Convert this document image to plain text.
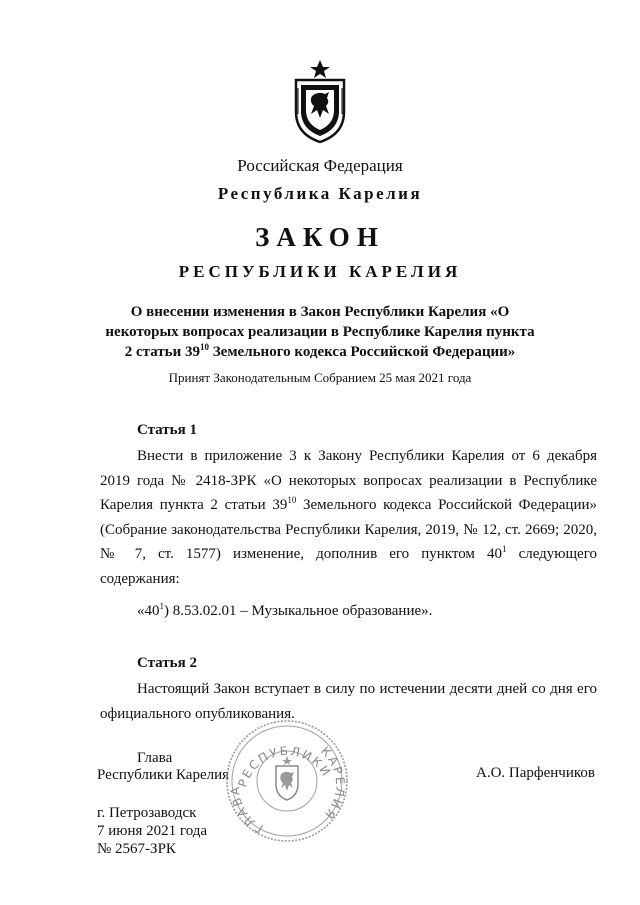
Российская Федерация
Республика Карелия
ЗАКОН
РЕСПУБЛИКИ КАРЕЛИЯ
О внесении изменения в Закон Республики Карелия «О некоторых вопросах реализации в Республике Карелия пункта 2 статьи $39^{10}$ Земельного кодекса Российской Федерации»
Принят Законодательным Собранием 25 мая 2021 года
Статья 1
Внести в приложение 3 к Закону Республики Карелия от 6 декабря 2019 года № 2418-ЗРК «О некоторых вопросах реализации в Республике Карелия пункта 2 статьи $39^{10}$ Земельного кодекса Российской Федерации» (Собрание законодательства Республики Карелия, 2019, № 12, ст. 2669; 2020, № 7, ст. 1577) изменение, дополнив его пунктом $40^1$ следующего содержания:
«$40^1$) 8.53.02.01 – Музыкальное образование».
Статья 2
Настоящий Закон вступает в силу по истечении десяти дней со дня его официального опубликования.
Глава
Республики Карелия	А.О. Парфенчиков
РЕСПУБЛИКИ
КАРЕЛИЯ
ГЛАВА
г. Петрозаводск
7 июня 2021 года
№ 2567-ЗРК
